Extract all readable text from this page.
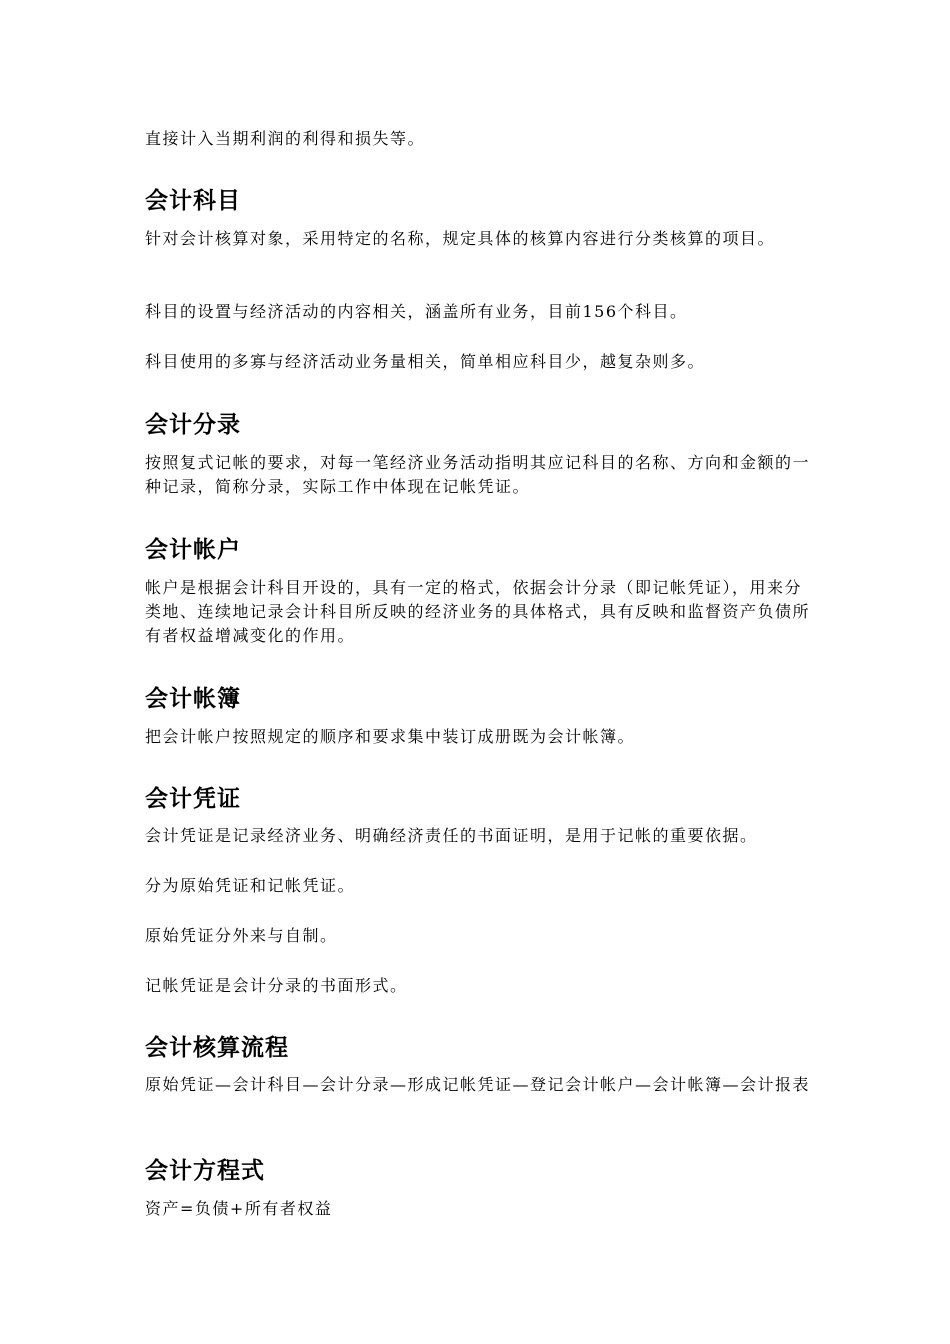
直接计入当期利润的利得和损失等。

会计科目

针对会计核算对象，采用特定的名称，规定具体的核算内容进行分类核算的项目。

科目的设置与经济活动的内容相关，涵盖所有业务，目前156个科目。

科目使用的多寡与经济活动业务量相关，简单相应科目少，越复杂则多。

会计分录

按照复式记帐的要求，对每一笔经济业务活动指明其应记科目的名称、方向和金额的一种记录，简称分录，实际工作中体现在记帐凭证。

会计帐户

帐户是根据会计科目开设的，具有一定的格式，依据会计分录（即记帐凭证），用来分类地、连续地记录会计科目所反映的经济业务的具体格式，具有反映和监督资产负债所有者权益增减变化的作用。

会计帐簿

把会计帐户按照规定的顺序和要求集中装订成册既为会计帐簿。

会计凭证

会计凭证是记录经济业务、明确经济责任的书面证明，是用于记帐的重要依据。

分为原始凭证和记帐凭证。

原始凭证分外来与自制。

记帐凭证是会计分录的书面形式。

会计核算流程

原始凭证—会计科目—会计分录—形成记帐凭证—登记会计帐户—会计帐簿—会计报表

会计方程式

资产=负债+所有者权益
